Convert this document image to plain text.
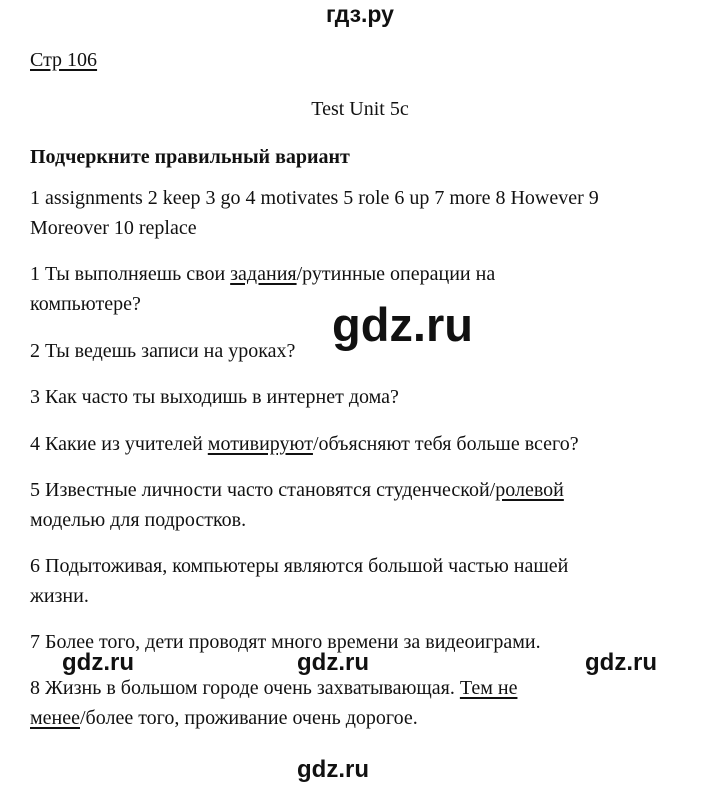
гдз.ру
Стр 106
Test Unit 5c
Подчеркните правильный вариант
1 assignments 2 keep 3 go 4 motivates 5 role 6 up 7 more 8 However 9
Moreover 10 replace
1 Ты выполняешь свои задания/рутинные операции на
компьютере?
2 Ты ведешь записи на уроках?
3 Как часто ты выходишь в интернет дома?
4 Какие из учителей мотивируют/объясняют тебя больше всего?
5 Известные личности часто становятся студенческой/ролевой
моделью для подростков.
6 Подытоживая, компьютеры являются большой частью нашей
жизни.
7 Более того, дети проводят много времени за видеоиграми.
8 Жизнь в большом городе очень захватывающая. Тем не
менее/более того, проживание очень дорогое.
gdz.ru
gdz.ru	gdz.ru	gdz.ru
gdz.ru
